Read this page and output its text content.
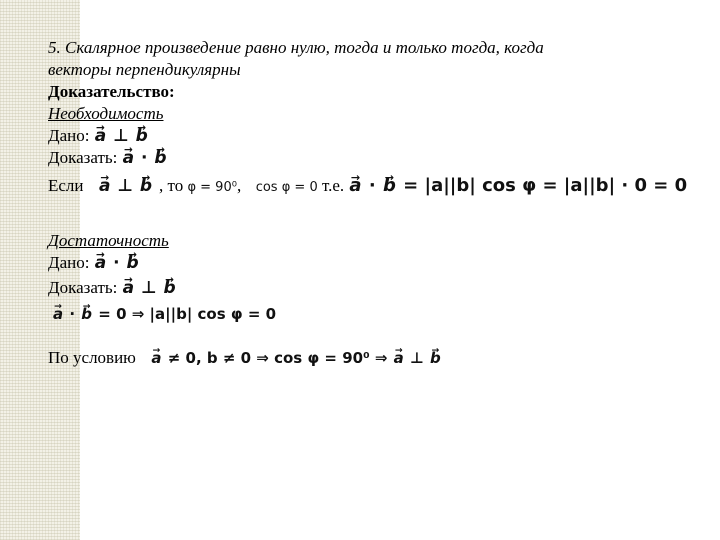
5. Скалярное произведение равно нулю, тогда и только тогда, когда
векторы перпендикулярны
Доказательство:
Необходимость
Дано: → a ⊥ → b
Доказать: → a · → b
Если → a ⊥ → b , то φ = 90⁰, cos φ = 0 т.е. → a · → b = |a||b| cos φ = |a||b| · 0 = 0
Достаточность
Дано: → a · → b
Доказать: → a ⊥ → b
→ a · → b = 0 ⇒ |a||b| cos φ = 0
По условию → a ≠ 0, b ≠ 0 ⇒ cos φ = 90⁰ ⇒ → a ⊥ → b
